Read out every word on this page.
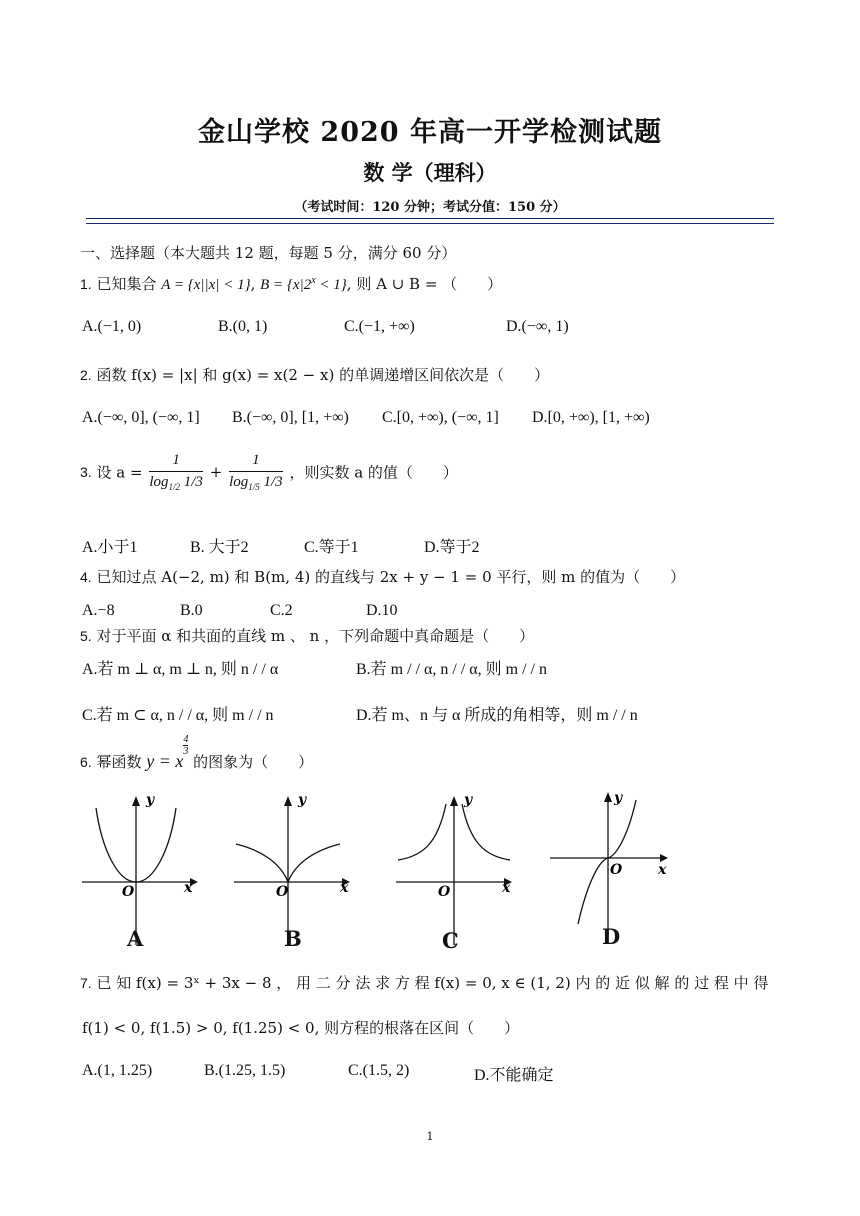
金山学校 2020 年高一开学检测试题
数 学（理科）
（考试时间：120 分钟；考试分值：150 分）
一、选择题（本大题共 12 题，每题 5 分，满分 60 分）
1. 已知集合 A = {x||x| < 1}, $B = \{x|2^x < 1\}$, 则 A ∪ B = （　　）
A.(−1, 0)	B.(0, 1)	C.(−1, +∞)	D.(−∞, 1)
2. 函数 f(x) = |x| 和 g(x) = x(2 − x) 的单调递增区间依次是（　　）
A.(−∞, 0], (−∞, 1] B.(−∞, 0], [1, +∞) C.[0, +∞), (−∞, 1] D.[0, +∞), [1, +∞)
3. 设 $a = \frac{1}{\log_{1/2} 1/3} + \frac{1}{\log_{1/5} 1/3}$ ，则实数 a 的值（　　）
A.小于1	B. 大于2	C.等于1	D.等于2
4. 已知过点 A(−2, m) 和 B(m, 4) 的直线与 2x + y − 1 = 0 平行，则 m 的值为（　　）
A.−8	B.0	C.2	D.10
5. 对于平面 α 和共面的直线 m 、 n ，下列命题中真命题是（　　）
A.若 m ⊥ α, m ⊥ n, 则 n / / α	B.若 m / / α, n / / α, 则 m / / n
C.若 m ⊂ α, n / / α, 则 m / / n	D.若 m、n 与 α 所成的角相等，则 m / / n
6. 幂函数 y = x
$^{\frac{4}{3}}$
的图象为（　　）
y
x
O
A
y
x
O
B
y
x
O
C
y
x
O
D
7. 已 知 f(x) = 3ˣ + 3x − 8 ， 用 二 分 法 求 方 程 f(x) = 0, x ∈ (1, 2) 内 的 近 似 解 的 过 程 中 得
f(1) < 0, f(1.5) > 0, f(1.25) < 0, 则方程的根落在区间（　　）
A.(1, 1.25)	B.(1.25, 1.5)	C.(1.5, 2)	D.不能确定
1
